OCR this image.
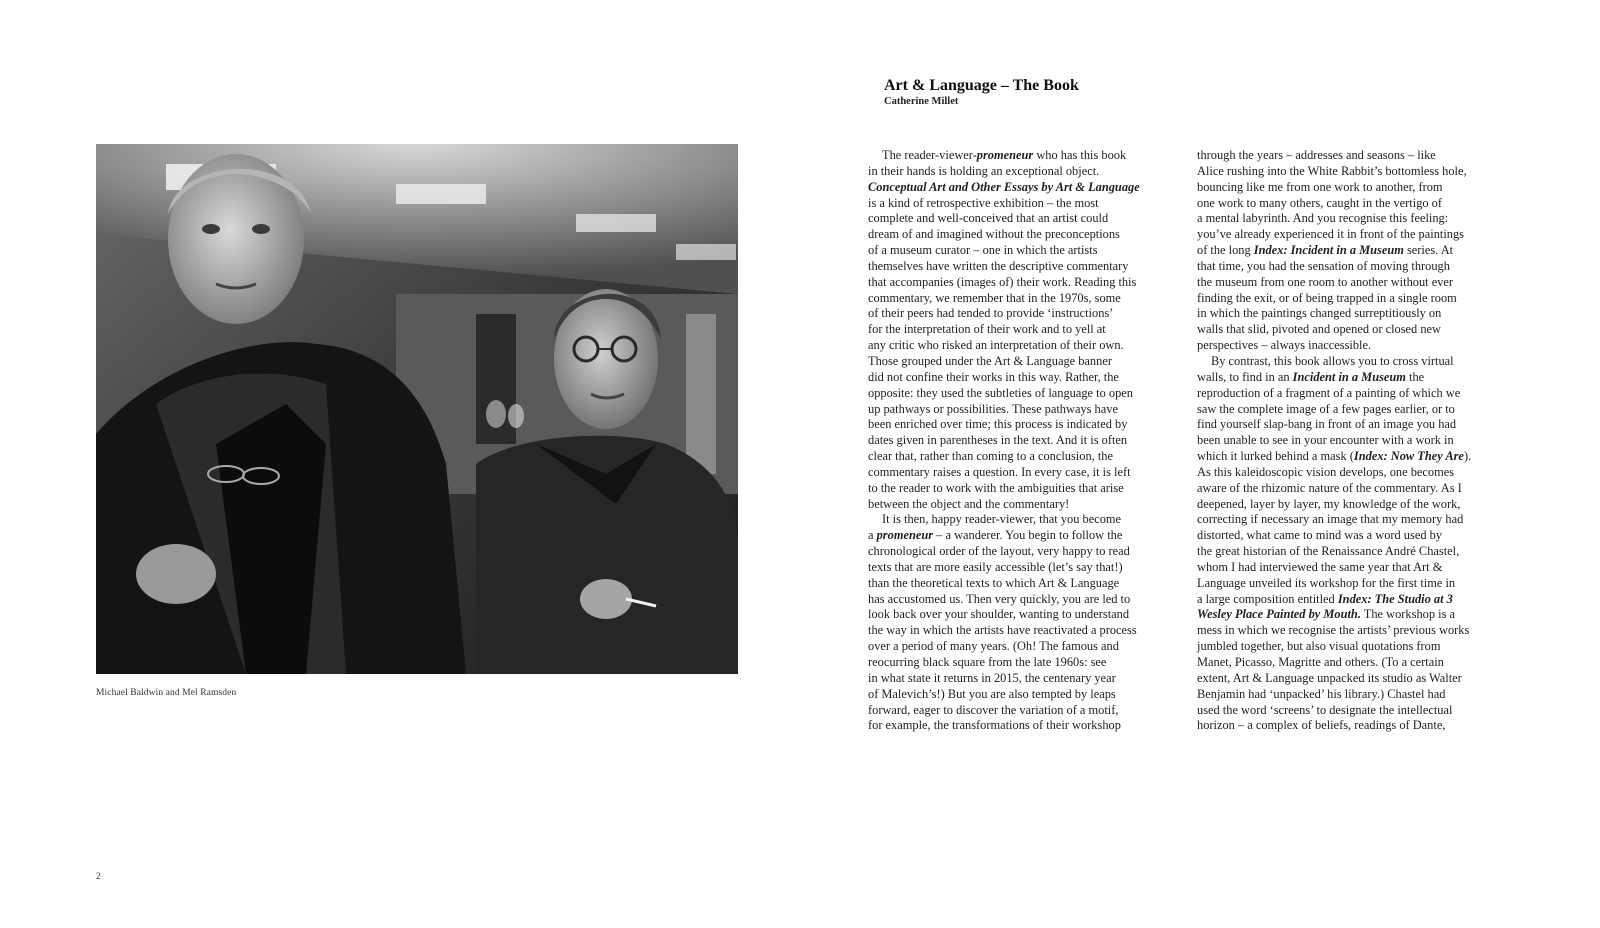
Michael Baldwin and Mel Ramsden
2
Art & Language – The Book
Catherine Millet
The reader-viewer-promeneur who has this book
in their hands is holding an exceptional object.
Conceptual Art and Other Essays by Art & Language
is a kind of retrospective exhibition – the most
complete and well-conceived that an artist could
dream of and imagined without the preconceptions
of a museum curator – one in which the artists
themselves have written the descriptive commentary
that accompanies (images of) their work. Reading this
commentary, we remember that in the 1970s, some
of their peers had tended to provide ‘instructions’
for the interpretation of their work and to yell at
any critic who risked an interpretation of their own.
Those grouped under the Art & Language banner
did not confine their works in this way. Rather, the
opposite: they used the subtleties of language to open
up pathways or possibilities. These pathways have
been enriched over time; this process is indicated by
dates given in parentheses in the text. And it is often
clear that, rather than coming to a conclusion, the
commentary raises a question. In every case, it is left
to the reader to work with the ambiguities that arise
between the object and the commentary!
It is then, happy reader-viewer, that you become
a promeneur – a wanderer. You begin to follow the
chronological order of the layout, very happy to read
texts that are more easily accessible (let’s say that!)
than the theoretical texts to which Art & Language
has accustomed us. Then very quickly, you are led to
look back over your shoulder, wanting to understand
the way in which the artists have reactivated a process
over a period of many years. (Oh! The famous and
reocurring black square from the late 1960s: see
in what state it returns in 2015, the centenary year
of Malevich’s!) But you are also tempted by leaps
forward, eager to discover the variation of a motif,
for example, the transformations of their workshop
through the years – addresses and seasons – like
Alice rushing into the White Rabbit’s bottomless hole,
bouncing like me from one work to another, from
one work to many others, caught in the vertigo of
a mental labyrinth. And you recognise this feeling:
you’ve already experienced it in front of the paintings
of the long Index: Incident in a Museum series. At
that time, you had the sensation of moving through
the museum from one room to another without ever
finding the exit, or of being trapped in a single room
in which the paintings changed surreptitiously on
walls that slid, pivoted and opened or closed new
perspectives – always inaccessible.
By contrast, this book allows you to cross virtual
walls, to find in an Incident in a Museum the
reproduction of a fragment of a painting of which we
saw the complete image of a few pages earlier, or to
find yourself slap-bang in front of an image you had
been unable to see in your encounter with a work in
which it lurked behind a mask (Index: Now They Are).
As this kaleidoscopic vision develops, one becomes
aware of the rhizomic nature of the commentary. As I
deepened, layer by layer, my knowledge of the work,
correcting if necessary an image that my memory had
distorted, what came to mind was a word used by
the great historian of the Renaissance André Chastel,
whom I had interviewed the same year that Art &
Language unveiled its workshop for the first time in
a large composition entitled Index: The Studio at 3
Wesley Place Painted by Mouth. The workshop is a
mess in which we recognise the artists’ previous works
jumbled together, but also visual quotations from
Manet, Picasso, Magritte and others. (To a certain
extent, Art & Language unpacked its studio as Walter
Benjamin had ‘unpacked’ his library.) Chastel had
used the word ‘screens’ to designate the intellectual
horizon – a complex of beliefs, readings of Dante,
